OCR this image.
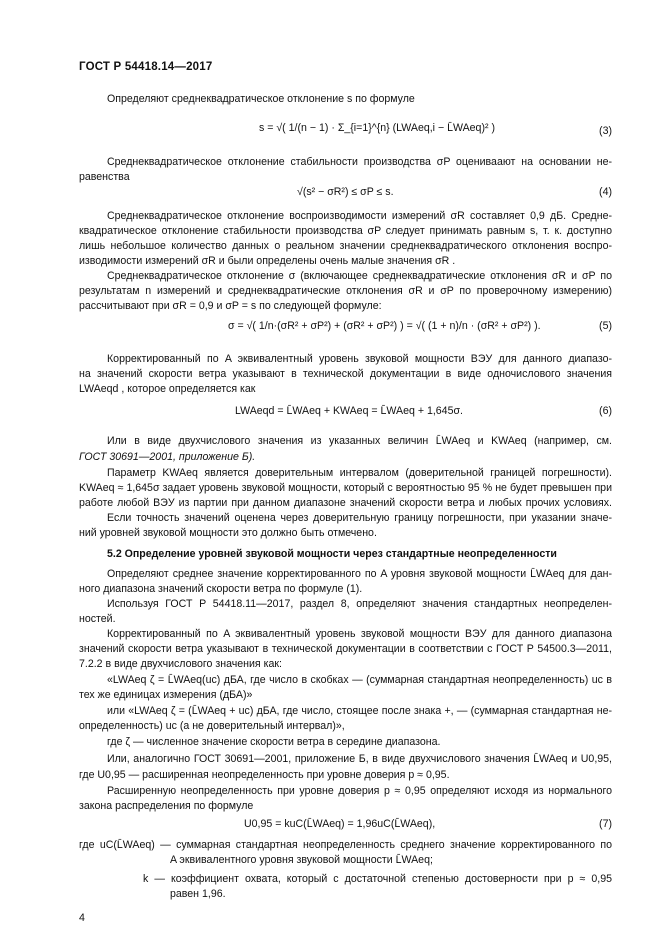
ГОСТ Р 54418.14—2017
Определяют среднеквадратическое отклонение s по формуле
s = √( 1/(n − 1) · Σ_{i=1}^{n} (LWAeq,i − L̄WAeq)² )	(3)
Среднеквадратическое отклонение стабильности производства σP оцениваают на основании не-
равенства
√(s² − σR²) ≤ σP ≤ s.	(4)
Среднеквадратическое отклонение воспроизводимости измерений σR составляет 0,9 дБ. Средне-
квадратическое отклонение стабильности производства σP следует принимать равным s, т. к. доступно
лишь небольшое количество данных о реальном значении среднеквадратического отклонения воспро-
изводимости измерений σR и были определены очень малые значения σR .
Среднеквадратическое отклонение σ (включающее среднеквадратические отклонения σR и σP по
результатам n измерений и среднеквадратические отклонения σR и σP по проверочному измерению)
рассчитывают при σR = 0,9 и σP = s по следующей формуле:
σ = √( 1/n·(σR² + σP²) + (σR² + σP²) ) = √( (1 + n)/n · (σR² + σP²) ).	(5)
Корректированный по A эквивалентный уровень звуковой мощности ВЭУ для данного диапазо-
на значений скорости ветра указывают в технической документации в виде одночислового значения
LWAeqd , которое определяется как
LWAeqd = L̄WAeq + KWAeq = L̄WAeq + 1,645σ.	(6)
Или в виде двухчислового значения из указанных величин L̄WAeq и KWAeq (например, см.
ГОСТ 30691—2001, приложение Б).
Параметр KWAeq является доверительным интервалом (доверительной границей погрешности).
KWAeq ≈ 1,645σ задает уровень звуковой мощности, который с вероятностью 95 % не будет превышен при
работе любой ВЭУ из партии при данном диапазоне значений скорости ветра и любых прочих условиях.
Если точность значений оценена через доверительную границу погрешности, при указании значе-
ний уровней звуковой мощности это должно быть отмечено.
5.2 Определение уровней звуковой мощности через стандартные неопределенности
Определяют среднее значение корректированного по A уровня звуковой мощности L̄WAeq для дан-
ного диапазона значений скорости ветра по формуле (1).
Используя ГОСТ Р 54418.11—2017, раздел 8, определяют значения стандартных неопределен-
ностей.
Корректированный по A эквивалентный уровень звуковой мощности ВЭУ для данного диапазона
значений скорости ветра указывают в технической документации в соответствии с ГОСТ Р 54500.3—2011,
7.2.2 в виде двухчислового значения как:
«LWAeq ζ = L̄WAeq(uc) дБА, где число в скобках — (суммарная стандартная неопределенность) uc в
тех же единицах измерения (дБА)»
или «LWAeq ζ = (L̄WAeq + uc) дБА, где число, стоящее после знака +, — (суммарная стандартная не-
определенность) uc (а не доверительный интервал)»,
где ζ — численное значение скорости ветра в середине диапазона.
Или, аналогично ГОСТ 30691—2001, приложение Б, в виде двухчислового значения L̄WAeq и U0,95,
где U0,95 — расширенная неопределенность при уровне доверия p ≈ 0,95.
Расширенную неопределенность при уровне доверия p ≈ 0,95 определяют исходя из нормального
закона распределения по формуле
U0,95 = kuC(L̄WAeq) = 1,96uC(L̄WAeq),	(7)
где uC(L̄WAeq) — суммарная стандартная неопределенность среднего значение корректированного по
A эквивалентного уровня звуковой мощности L̄WAeq;
k — коэффициент охвата, который с достаточной степенью достоверности при p ≈ 0,95
равен 1,96.
4
